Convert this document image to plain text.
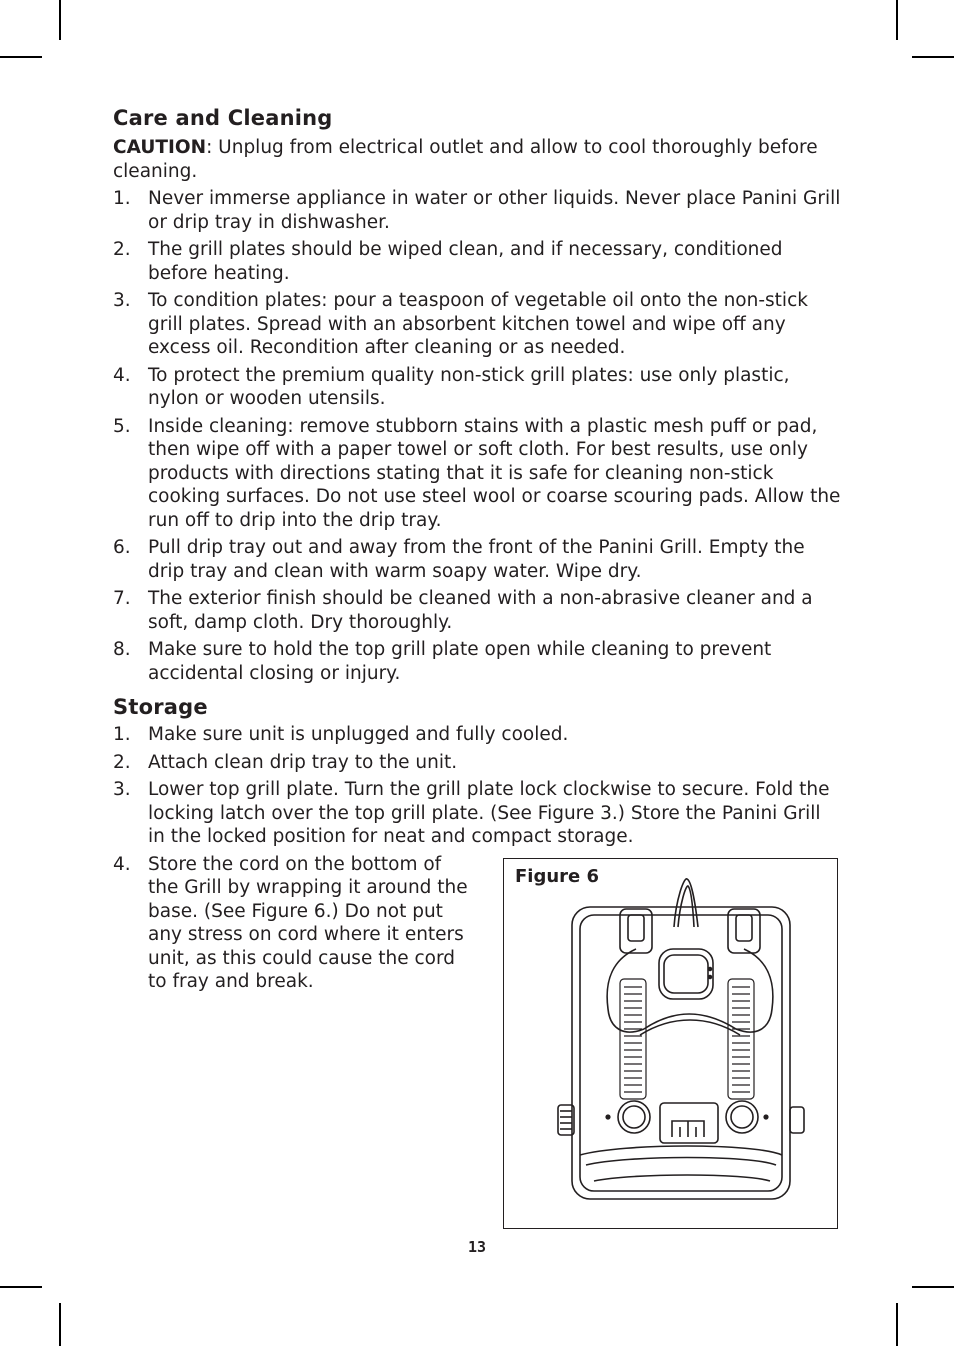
Care and Cleaning
CAUTION: Unplug from electrical outlet and allow to cool thoroughly before cleaning.
1. Never immerse appliance in water or other liquids. Never place Panini Grill or drip tray in dishwasher.
2. The grill plates should be wiped clean, and if necessary, conditioned before heating.
3. To condition plates: pour a teaspoon of vegetable oil onto the non-stick grill plates. Spread with an absorbent kitchen towel and wipe off any excess oil. Recondition after cleaning or as needed.
4. To protect the premium quality non-stick grill plates: use only plastic, nylon or wooden utensils.
5. Inside cleaning: remove stubborn stains with a plastic mesh puff or pad, then wipe off with a paper towel or soft cloth. For best results, use only products with directions stating that it is safe for cleaning non-stick cooking surfaces. Do not use steel wool or coarse scouring pads. Allow the run off to drip into the drip tray.
6. Pull drip tray out and away from the front of the Panini Grill. Empty the drip tray and clean with warm soapy water. Wipe dry.
7. The exterior finish should be cleaned with a non-abrasive cleaner and a soft, damp cloth. Dry thoroughly.
8. Make sure to hold the top grill plate open while cleaning to prevent accidental closing or injury.
Storage
1. Make sure unit is unplugged and fully cooled.
2. Attach clean drip tray to the unit.
3. Lower top grill plate. Turn the grill plate lock clockwise to secure. Fold the locking latch over the top grill plate. (See Figure 3.) Store the Panini Grill in the locked position for neat and compact storage.
4. Store the cord on the bottom of the Grill by wrapping it around the base. (See Figure 6.) Do not put any stress on cord where it enters unit, as this could cause the cord to fray and break.
Figure 6
13
